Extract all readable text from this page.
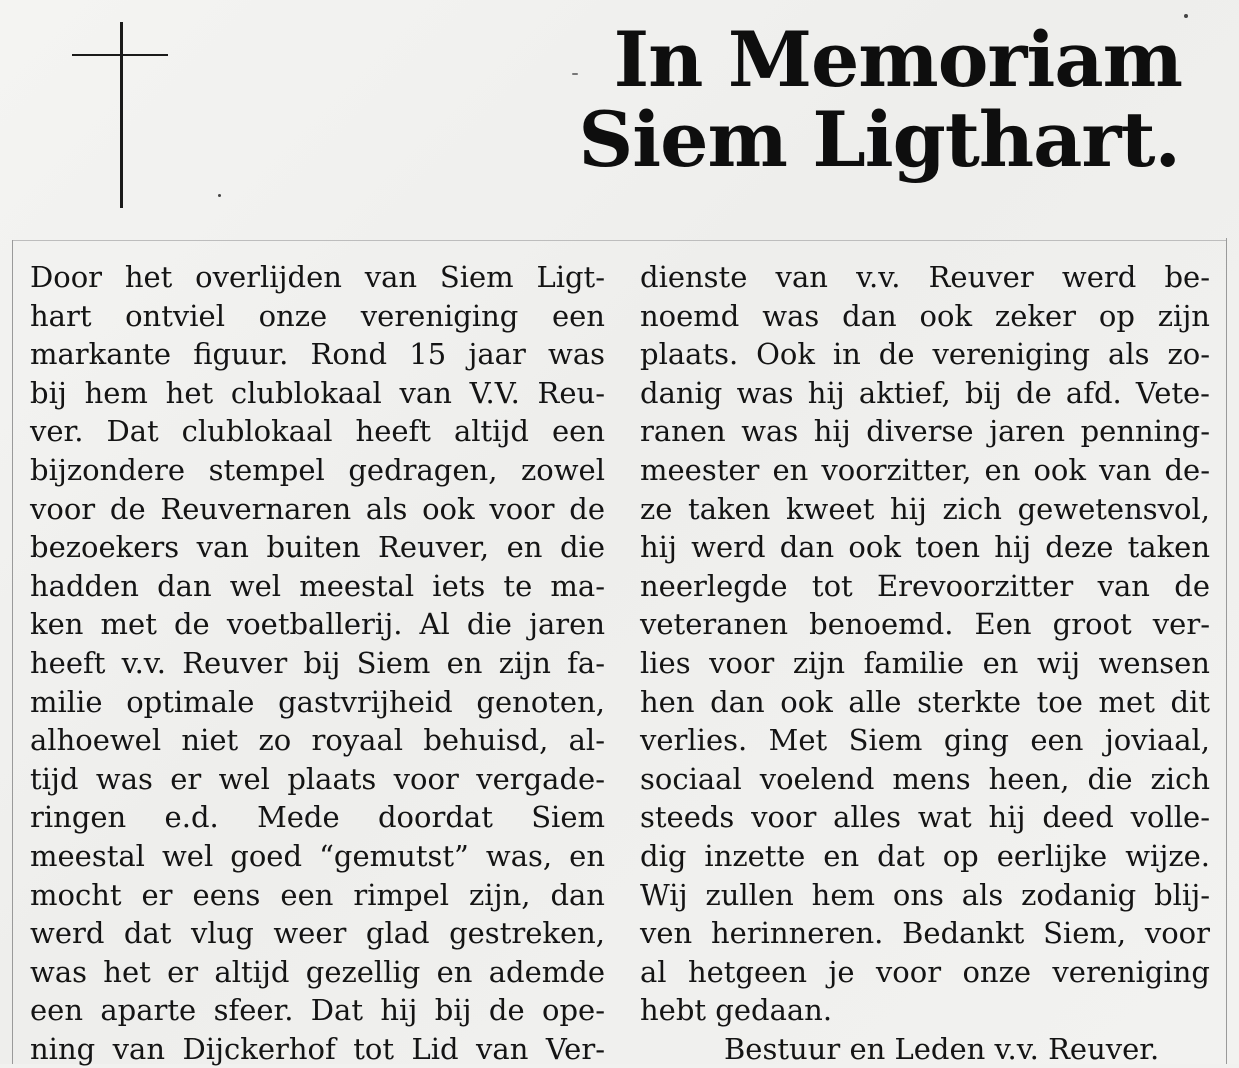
In Memoriam
Siem Ligthart.
Door het overlijden van Siem Ligt-
hart ontviel onze vereniging een
markante figuur. Rond 15 jaar was
bij hem het clublokaal van V.V. Reu-
ver. Dat clublokaal heeft altijd een
bijzondere stempel gedragen, zowel
voor de Reuvernaren als ook voor de
bezoekers van buiten Reuver, en die
hadden dan wel meestal iets te ma-
ken met de voetballerij. Al die jaren
heeft v.v. Reuver bij Siem en zijn fa-
milie optimale gastvrijheid genoten,
alhoewel niet zo royaal behuisd, al-
tijd was er wel plaats voor vergade-
ringen e.d. Mede doordat Siem
meestal wel goed “gemutst” was, en
mocht er eens een rimpel zijn, dan
werd dat vlug weer glad gestreken,
was het er altijd gezellig en ademde
een aparte sfeer. Dat hij bij de ope-
ning van Dijckerhof tot Lid van Ver-
dienste van v.v. Reuver werd be-
noemd was dan ook zeker op zijn
plaats. Ook in de vereniging als zo-
danig was hij aktief, bij de afd. Vete-
ranen was hij diverse jaren penning-
meester en voorzitter, en ook van de-
ze taken kweet hij zich gewetensvol,
hij werd dan ook toen hij deze taken
neerlegde tot Erevoorzitter van de
veteranen benoemd. Een groot ver-
lies voor zijn familie en wij wensen
hen dan ook alle sterkte toe met dit
verlies. Met Siem ging een joviaal,
sociaal voelend mens heen, die zich
steeds voor alles wat hij deed volle-
dig inzette en dat op eerlijke wijze.
Wij zullen hem ons als zodanig blij-
ven herinneren. Bedankt Siem, voor
al hetgeen je voor onze vereniging
hebt gedaan.
Bestuur en Leden v.v. Reuver.
